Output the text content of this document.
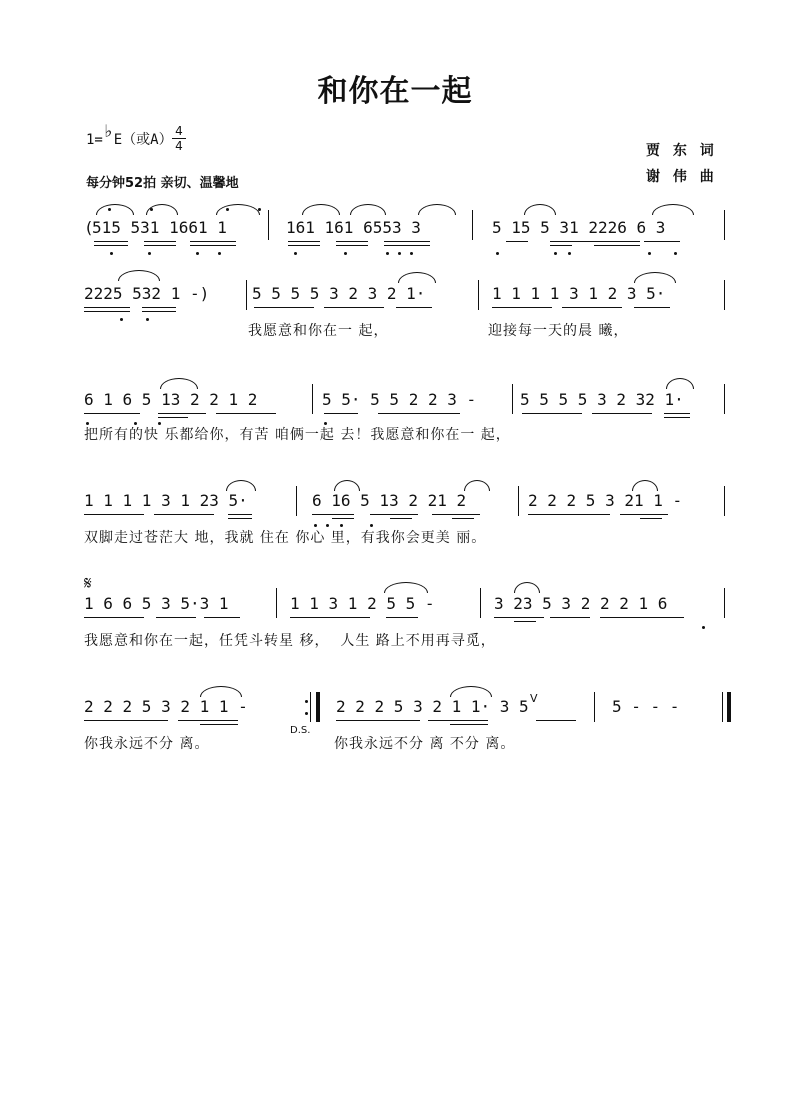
和你在一起
1=♭E（或A）
4
4
每分钟52拍 亲切、温馨地
贾 东 词
谢 伟 曲
𝄋
D.S.
V
(
515 531 1661 1	161 161 6553 3	5 15 5 31 2226 6 3
2225 532 1 -)	5 5 5 5 3 2 3 2 1·	1 1 1 1 3 1 2 3 5·
我愿意和你在一 起，	迎接每一天的晨 曦，
6 1 6 5 13 2 2 1 2	5 5· 5 5 2 2 3 -	5 5 5 5 3 2 32 1·
把所有的快 乐都给你，有苦 咱俩一起 去！我愿意和你在一 起，
1 1 1 1 3 1 23 5·	6 16 5 13 2 21 2	2 2 2 5 3 21 1 -
双脚走过苍茫大 地，我就 住在 你心 里，有我你会更美 丽。
1 6 6 5 3 5·3 1	1 1 3 1 2 5 5 -	3 23 5 3 2 2 2 1 6
我愿意和你在一起，任凭斗转星 移，  人生 路上不用再寻觅，
2 2 2 5 3 2 1 1 -	2 2 2 5 3 2 1 1· 3 5	5 - - -
你我永远不分 离。	你我永远不分 离 不分 离。
